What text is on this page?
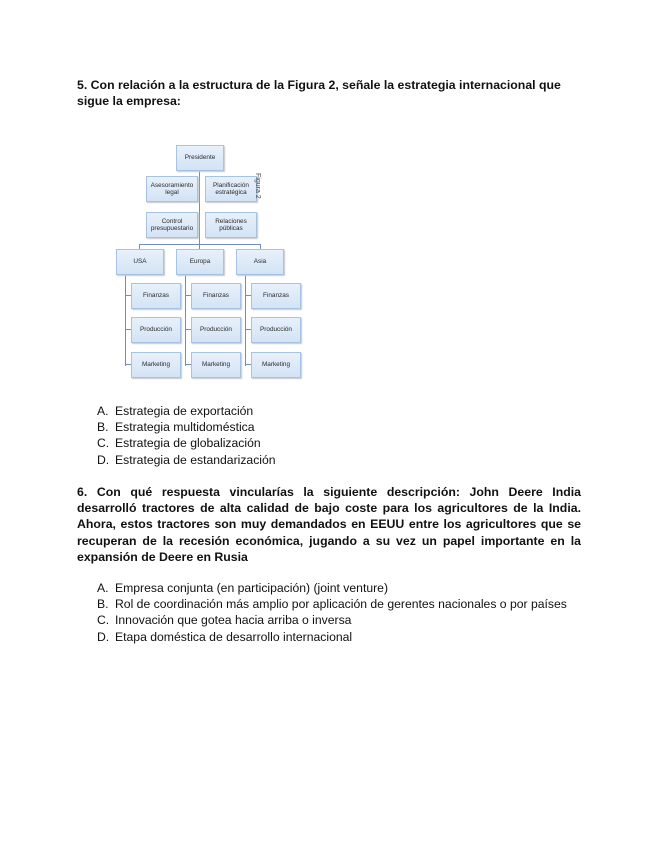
5. Con relación a la estructura de la Figura 2, señale la estrategia internacional que sigue la empresa:
Presidente
Asesoramiento
legal
Planificación
estratégica
Control
presupuestario
Relaciones
públicas
Figura 2
USA	Europa	Asia
Finanzas
Producción
Marketing
Finanzas
Producción
Marketing
Finanzas
Producción
Marketing
A. Estrategia de exportación
B. Estrategia multidoméstica
C. Estrategia de globalización
D. Estrategia de estandarización
6. Con qué respuesta vincularías la siguiente descripción: John Deere India desarrolló tractores de alta calidad de bajo coste para los agricultores de la India. Ahora, estos tractores son muy demandados en EEUU entre los agricultores que se recuperan de la recesión económica, jugando a su vez un papel importante en la expansión de Deere en Rusia
A. Empresa conjunta (en participación) (joint venture)
B. Rol de coordinación más amplio por aplicación de gerentes nacionales o por países
C. Innovación que gotea hacia arriba o inversa
D. Etapa doméstica de desarrollo internacional
